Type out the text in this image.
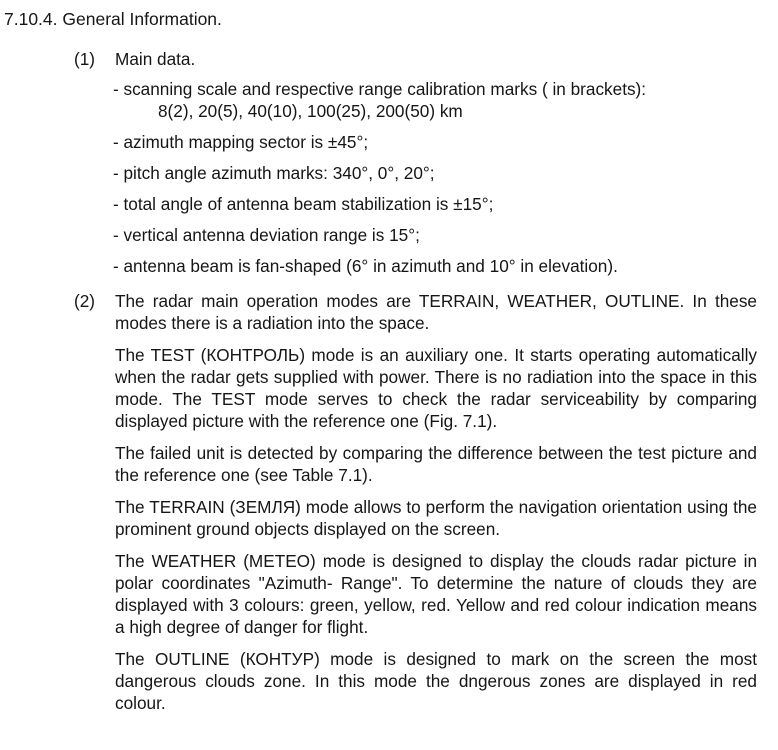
7.10.4. General Information.
(1) Main data.
- scanning scale and respective range calibration marks ( in brackets):
8(2), 20(5), 40(10), 100(25), 200(50) km
- azimuth mapping sector is ±45°;
- pitch angle azimuth marks: 340°, 0°, 20°;
- total angle of antenna beam stabilization is ±15°;
- vertical antenna deviation range is 15°;
- antenna beam is fan-shaped (6° in azimuth and 10° in elevation).
(2) The radar main operation modes are TERRAIN, WEATHER, OUTLINE. In these modes there is a radiation into the space.

The TEST (КОНТРОЛЬ) mode is an auxiliary one. It starts operating automatically when the radar gets supplied with power. There is no radiation into the space in this mode. The TEST mode serves to check the radar serviceability by comparing displayed picture with the reference one (Fig. 7.1).

The failed unit is detected by comparing the difference between the test picture and the reference one (see Table 7.1).

The TERRAIN (ЗЕМЛЯ) mode allows to perform the navigation orientation using the prominent ground objects displayed on the screen.

The WEATHER (МЕТЕО) mode is designed to display the clouds radar picture in polar coordinates "Azimuth- Range". To determine the nature of clouds they are displayed with 3 colours: green, yellow, red. Yellow and red colour indication means a high degree of danger for flight.

The OUTLINE (КОНТУР) mode is designed to mark on the screen the most dangerous clouds zone. In this mode the dngerous zones are displayed in red colour.
